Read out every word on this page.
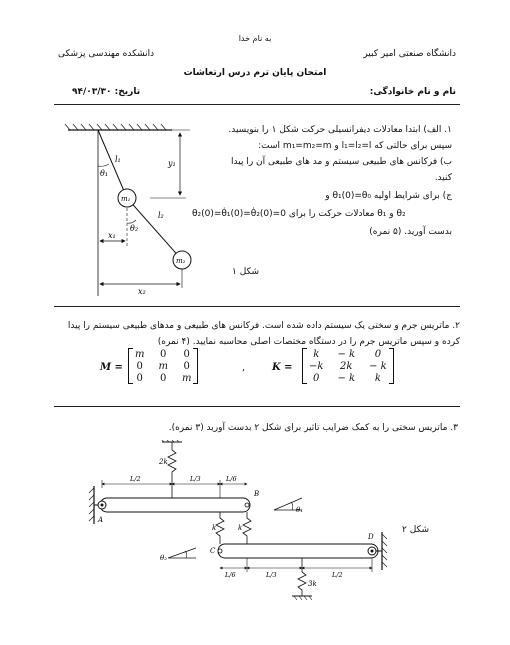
به نام خدا
دانشگاه صنعتی امیر کبیر
دانشکده مهندسی پزشکی
امتحان پایان ترم درس ارتعاشات
نام و نام خانوادگی:
تاریخ: ۹۴/۰۳/۳۰
۱. الف) ابتدا معادلات دیفرانسیلی حرکت شکل ۱ را بنویسید.
سپس برای حالتی که l₁=l₂=l و m₁=m₂=m است:
ب) فرکانس های طبیعی سیستم و مد های طبیعی آن را پیدا
کنید.
ج) برای شرایط اولیه θ₁(0)=θ₀ و
θ₂(0)=θ̇₁(0)=θ̇₂(0)=0 معادلات حرکت را برای θ₁ و θ₂
بدست آورید. (۵ نمره)
شکل ۱
l₁
θ₁
y₁
m₁
l₂
θ₂
m₂
x₁
x₂
۲. ماتریس جرم و سختی یک سیستم داده شده است. فرکانس های طبیعی و مدهای طبیعی سیستم را پیدا
کرده و سپس ماتریس جرم را در دستگاه مختصات اصلی محاسبه نمایید. (۴ نمره)
M =
m	0	0
0	m	0
0	0	m
,	K =
k	− k	0
−k	2k	− k
0	− k	k
۳. ماتریس سختی را به کمک ضرایب تاثیر برای شکل ۲ بدست آورید (۳ نمره).
شکل ۲
A
B
C
D
2k
k	k
3k
L/2	L/3	L/6
L/6	L/3	L/2
θ₁
θ₂
